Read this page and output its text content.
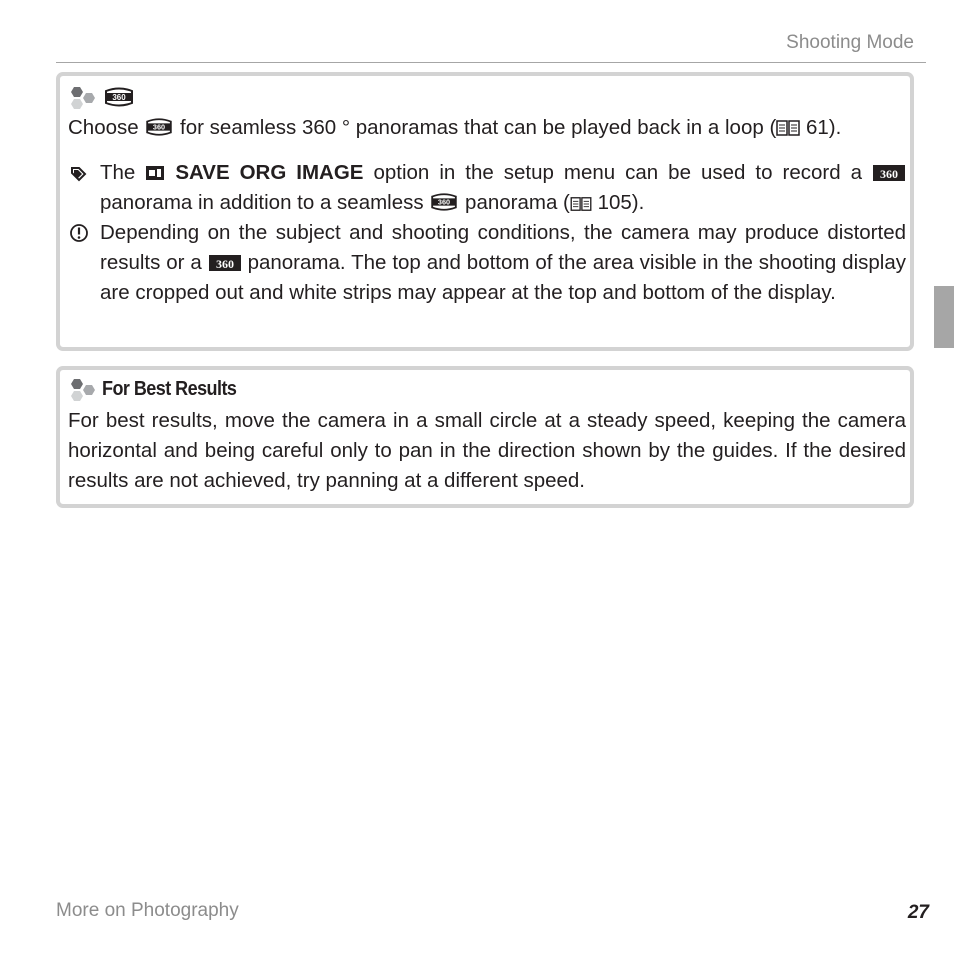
Shooting Mode
360
Choose 360 for seamless 360 ° panoramas that can be played back in a loop ( 61).
The  SAVE ORG IMAGE option in the setup menu can be used to record a 360
panorama in addition to a seamless 360 panorama ( 105).
Depending on the subject and shooting conditions, the camera may produce distorted results or a 360 panorama. The top and bottom of the area visible in the shooting display are cropped out and white strips may appear at the top and bottom of the display.
For Best Results
For best results, move the camera in a small circle at a steady speed, keeping the camera horizontal and being careful only to pan in the direction shown by the guides. If the desired results are not achieved, try panning at a different speed.
More on Photography	27
